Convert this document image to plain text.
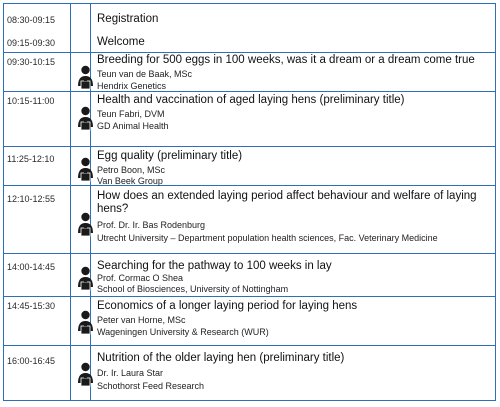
08:30-09:15	Registration
09:15-09:30	Welcome
09:30-10:15	Breeding for 500 eggs in 100 weeks, was it a dream or a dream come true
Teun van de Baak, MSc
Hendrix Genetics
10:15-11:00	Health and vaccination of aged laying hens (preliminary title)
Teun Fabri, DVM
GD Animal Health
11:25-12:10	Egg quality (preliminary title)
Petro Boon, MSc
Van Beek Group
12:10-12:55	How does an extended laying period affect behaviour and welfare of laying hens?
Prof. Dr. Ir. Bas Rodenburg
Utrecht University – Department population health sciences, Fac. Veterinary Medicine
14:00-14:45	Searching for the pathway to 100 weeks in lay
Prof. Cormac O Shea
School of Biosciences, University of Nottingham
14:45-15:30	Economics of a longer laying period for laying hens
Peter van Horne, MSc
Wageningen University & Research (WUR)
16:00-16:45	Nutrition of the older laying hen (preliminary title)
Dr. Ir. Laura Star
Schothorst Feed Research
